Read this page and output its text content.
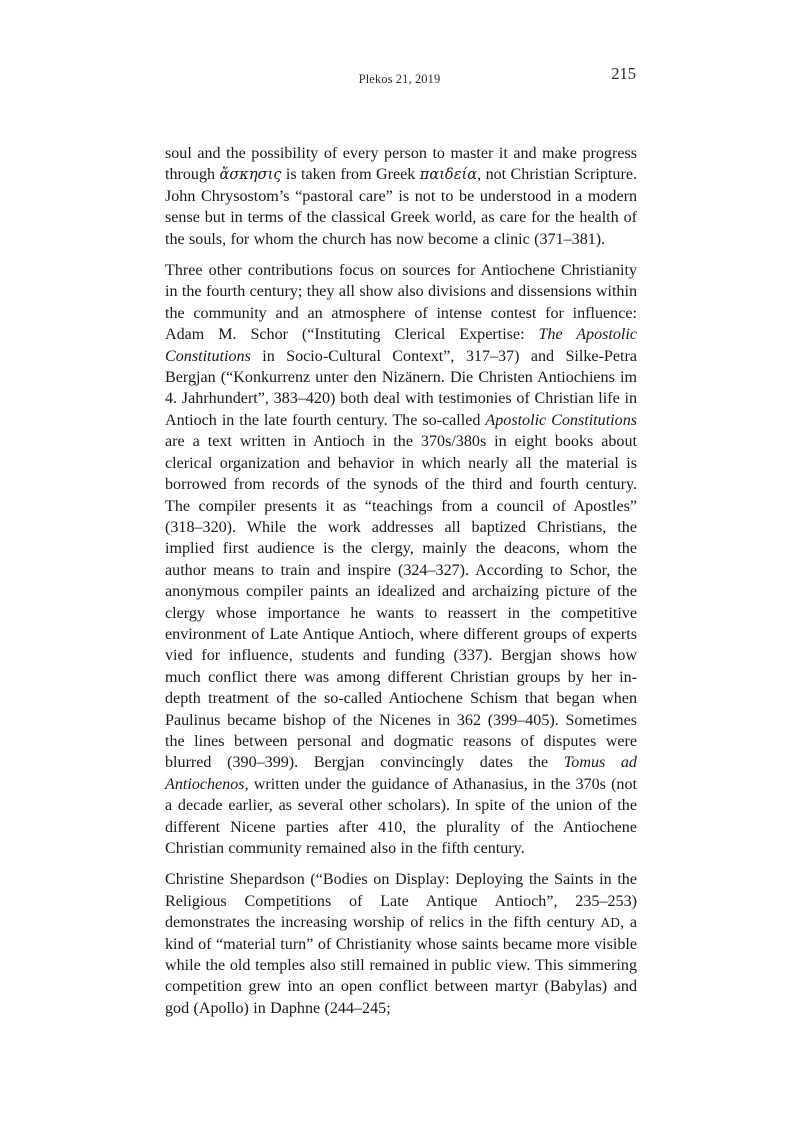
Plekos 21, 2019	215

soul and the possibility of every person to master it and make progress through ἄσκησις is taken from Greek παιδεία, not Christian Scripture. John Chrysostom’s “pastoral care” is not to be understood in a modern sense but in terms of the classical Greek world, as care for the health of the souls, for whom the church has now become a clinic (371–381).

Three other contributions focus on sources for Antiochene Christianity in the fourth century; they all show also divisions and dissensions within the community and an atmosphere of intense contest for influence: Adam M. Schor (“Instituting Clerical Expertise: The Apostolic Constitutions in Socio-Cultural Context”, 317–37) and Silke-Petra Bergjan (“Konkurrenz unter den Nizänern. Die Christen Antiochiens im 4. Jahrhundert”, 383–420) both deal with testimonies of Christian life in Antioch in the late fourth century. The so-called Apostolic Constitutions are a text written in Antioch in the 370s/380s in eight books about clerical organization and behavior in which nearly all the material is borrowed from records of the synods of the third and fourth century. The compiler presents it as “teachings from a council of Apostles” (318–320). While the work addresses all baptized Christians, the implied first audience is the clergy, mainly the deacons, whom the author means to train and inspire (324–327). According to Schor, the anonymous compiler paints an idealized and archaizing picture of the clergy whose importance he wants to reassert in the competitive environment of Late Antique Antioch, where different groups of experts vied for influence, students and funding (337). Bergjan shows how much conflict there was among different Christian groups by her in-depth treatment of the so-called Antiochene Schism that began when Paulinus became bishop of the Nicenes in 362 (399–405). Sometimes the lines between personal and dogmatic reasons of disputes were blurred (390–399). Bergjan convincingly dates the Tomus ad Antiochenos, written under the guidance of Athanasius, in the 370s (not a decade earlier, as several other scholars). In spite of the union of the different Nicene parties after 410, the plurality of the Antiochene Christian community remained also in the fifth century.

Christine Shepardson (“Bodies on Display: Deploying the Saints in the Religious Competitions of Late Antique Antioch”, 235–253) demonstrates the increasing worship of relics in the fifth century AD, a kind of “material turn” of Christianity whose saints became more visible while the old temples also still remained in public view. This simmering competition grew into an open conflict between martyr (Babylas) and god (Apollo) in Daphne (244–245;
